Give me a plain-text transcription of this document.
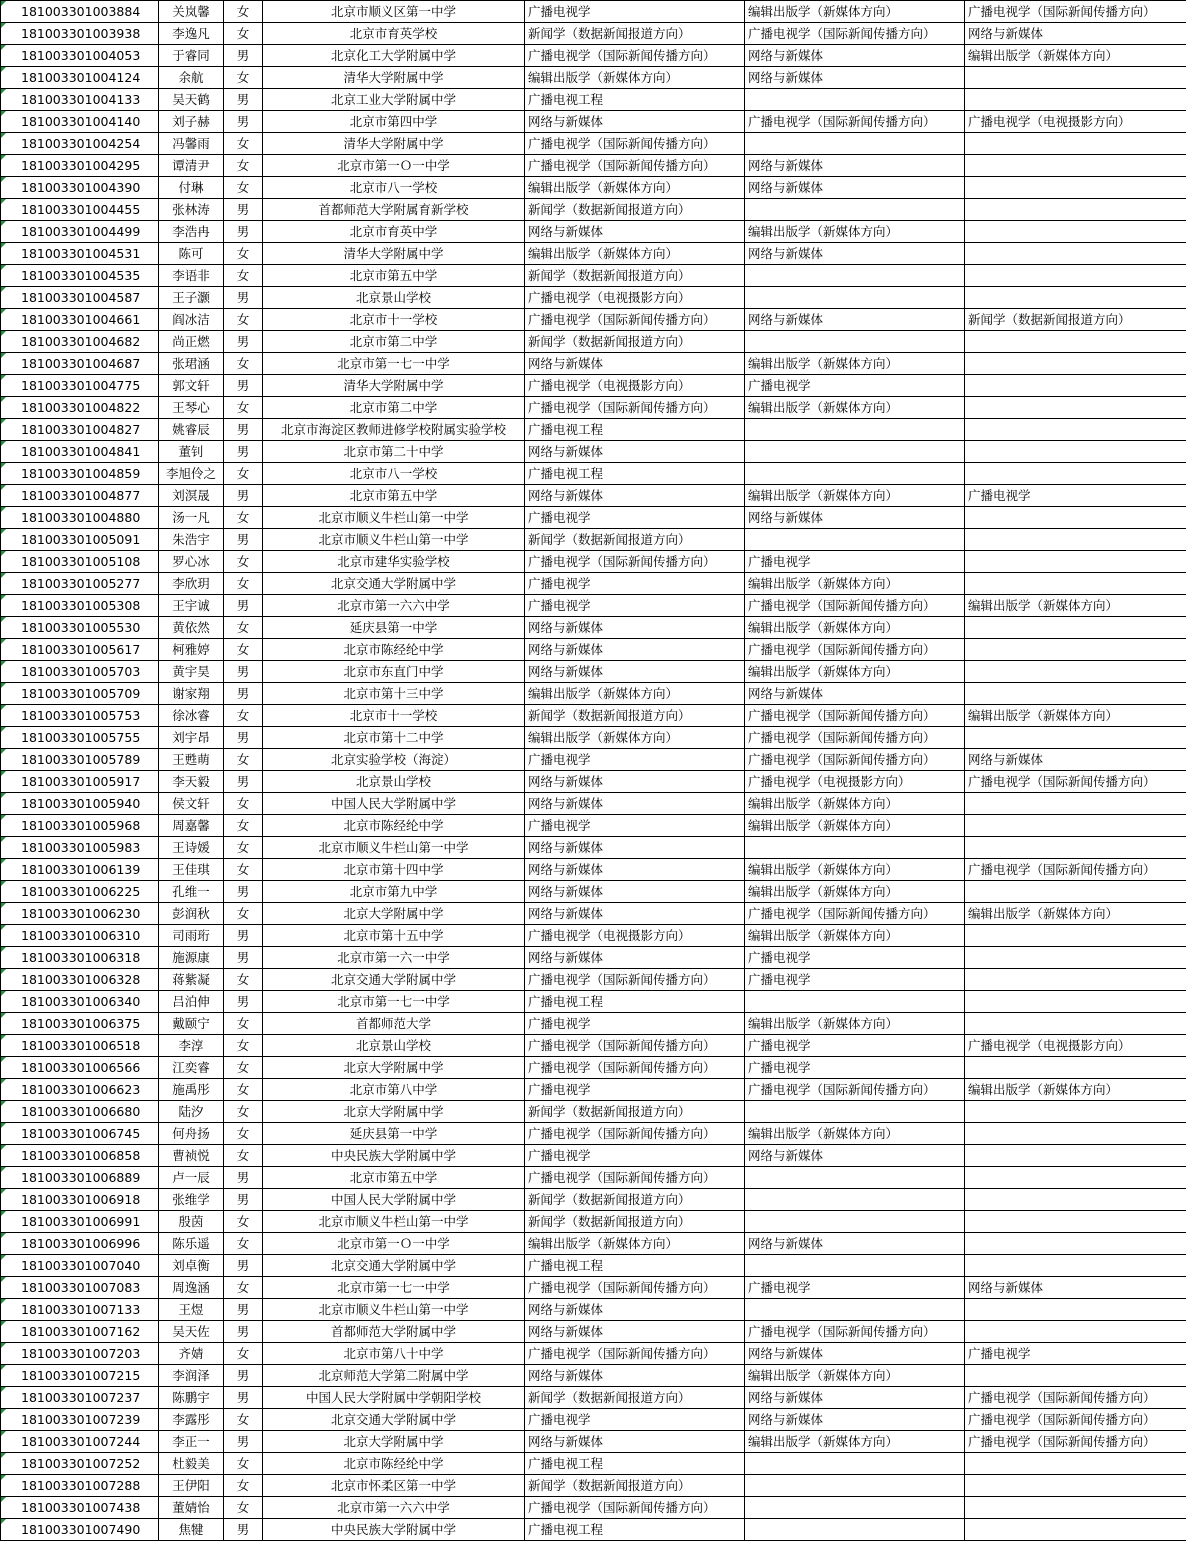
181003301003884	关岚馨	女	北京市顺义区第一中学	广播电视学	编辑出版学（新媒体方向）	广播电视学（国际新闻传播方向）
181003301003938	李逸凡	女	北京市育英学校	新闻学（数据新闻报道方向）	广播电视学（国际新闻传播方向）	网络与新媒体
181003301004053	于睿同	男	北京化工大学附属中学	广播电视学（国际新闻传播方向）	网络与新媒体	编辑出版学（新媒体方向）
181003301004124	余航	女	清华大学附属中学	编辑出版学（新媒体方向）	网络与新媒体	
181003301004133	吴天鹤	男	北京工业大学附属中学	广播电视工程		
181003301004140	刘子赫	男	北京市第四中学	网络与新媒体	广播电视学（国际新闻传播方向）	广播电视学（电视摄影方向）
181003301004254	冯馨雨	女	清华大学附属中学	广播电视学（国际新闻传播方向）		
181003301004295	谭清尹	女	北京市第一Ｏ一中学	广播电视学（国际新闻传播方向）	网络与新媒体	
181003301004390	付琳	女	北京市八一学校	编辑出版学（新媒体方向）	网络与新媒体	
181003301004455	张林涛	男	首都师范大学附属育新学校	新闻学（数据新闻报道方向）		
181003301004499	李浩冉	男	北京市育英中学	网络与新媒体	编辑出版学（新媒体方向）	
181003301004531	陈可	女	清华大学附属中学	编辑出版学（新媒体方向）	网络与新媒体	
181003301004535	李语非	女	北京市第五中学	新闻学（数据新闻报道方向）		
181003301004587	王子灏	男	北京景山学校	广播电视学（电视摄影方向）		
181003301004661	阎冰洁	女	北京市十一学校	广播电视学（国际新闻传播方向）	网络与新媒体	新闻学（数据新闻报道方向）
181003301004682	尚正燃	男	北京市第二中学	新闻学（数据新闻报道方向）		
181003301004687	张珺涵	女	北京市第一七一中学	网络与新媒体	编辑出版学（新媒体方向）	
181003301004775	郭文轩	男	清华大学附属中学	广播电视学（电视摄影方向）	广播电视学	
181003301004822	王琴心	女	北京市第二中学	广播电视学（国际新闻传播方向）	编辑出版学（新媒体方向）	
181003301004827	姚睿辰	男	北京市海淀区教师进修学校附属实验学校	广播电视工程		
181003301004841	董钊	男	北京市第二十中学	网络与新媒体		
181003301004859	李旭伶之	女	北京市八一学校	广播电视工程		
181003301004877	刘溟晟	男	北京市第五中学	网络与新媒体	编辑出版学（新媒体方向）	广播电视学
181003301004880	汤一凡	女	北京市顺义牛栏山第一中学	广播电视学	网络与新媒体	
181003301005091	朱浩宇	男	北京市顺义牛栏山第一中学	新闻学（数据新闻报道方向）		
181003301005108	罗心冰	女	北京市建华实验学校	广播电视学（国际新闻传播方向）	广播电视学	
181003301005277	李欣玥	女	北京交通大学附属中学	广播电视学	编辑出版学（新媒体方向）	
181003301005308	王宇诚	男	北京市第一六六中学	广播电视学	广播电视学（国际新闻传播方向）	编辑出版学（新媒体方向）
181003301005530	黄依然	女	延庆县第一中学	网络与新媒体	编辑出版学（新媒体方向）	
181003301005617	柯雅婷	女	北京市陈经纶中学	网络与新媒体	广播电视学（国际新闻传播方向）	
181003301005703	黄宇昊	男	北京市东直门中学	网络与新媒体	编辑出版学（新媒体方向）	
181003301005709	谢家翔	男	北京市第十三中学	编辑出版学（新媒体方向）	网络与新媒体	
181003301005753	徐冰睿	女	北京市十一学校	新闻学（数据新闻报道方向）	广播电视学（国际新闻传播方向）	编辑出版学（新媒体方向）
181003301005755	刘宇昂	男	北京市第十二中学	编辑出版学（新媒体方向）	广播电视学（国际新闻传播方向）	
181003301005789	王甦萌	女	北京实验学校（海淀）	广播电视学	广播电视学（国际新闻传播方向）	网络与新媒体
181003301005917	李天毅	男	北京景山学校	网络与新媒体	广播电视学（电视摄影方向）	广播电视学（国际新闻传播方向）
181003301005940	侯文轩	女	中国人民大学附属中学	网络与新媒体	编辑出版学（新媒体方向）	
181003301005968	周嘉馨	女	北京市陈经纶中学	广播电视学	编辑出版学（新媒体方向）	
181003301005983	王诗媛	女	北京市顺义牛栏山第一中学	网络与新媒体		
181003301006139	王佳琪	女	北京市第十四中学	网络与新媒体	编辑出版学（新媒体方向）	广播电视学（国际新闻传播方向）
181003301006225	孔维一	男	北京市第九中学	网络与新媒体	编辑出版学（新媒体方向）	
181003301006230	彭润秋	女	北京大学附属中学	网络与新媒体	广播电视学（国际新闻传播方向）	编辑出版学（新媒体方向）
181003301006310	司雨珩	男	北京市第十五中学	广播电视学（电视摄影方向）	编辑出版学（新媒体方向）	
181003301006318	施源康	男	北京市第一六一中学	网络与新媒体	广播电视学	
181003301006328	蒋紫凝	女	北京交通大学附属中学	广播电视学（国际新闻传播方向）	广播电视学	
181003301006340	吕泊伸	男	北京市第一七一中学	广播电视工程		
181003301006375	戴颐宁	女	首都师范大学	广播电视学	编辑出版学（新媒体方向）	
181003301006518	李淳	女	北京景山学校	广播电视学（国际新闻传播方向）	广播电视学	广播电视学（电视摄影方向）
181003301006566	江奕睿	女	北京大学附属中学	广播电视学（国际新闻传播方向）	广播电视学	
181003301006623	施禹彤	女	北京市第八中学	广播电视学	广播电视学（国际新闻传播方向）	编辑出版学（新媒体方向）
181003301006680	陆汐	女	北京大学附属中学	新闻学（数据新闻报道方向）		
181003301006745	何舟扬	女	延庆县第一中学	广播电视学（国际新闻传播方向）	编辑出版学（新媒体方向）	
181003301006858	曹祯悦	女	中央民族大学附属中学	广播电视学	网络与新媒体	
181003301006889	卢一辰	男	北京市第五中学	广播电视学（国际新闻传播方向）		
181003301006918	张维学	男	中国人民大学附属中学	新闻学（数据新闻报道方向）		
181003301006991	殷茵	女	北京市顺义牛栏山第一中学	新闻学（数据新闻报道方向）		
181003301006996	陈乐遥	女	北京市第一Ｏ一中学	编辑出版学（新媒体方向）	网络与新媒体	
181003301007040	刘卓衡	男	北京交通大学附属中学	广播电视工程		
181003301007083	周逸涵	女	北京市第一七一中学	广播电视学（国际新闻传播方向）	广播电视学	网络与新媒体
181003301007133	王煜	男	北京市顺义牛栏山第一中学	网络与新媒体		
181003301007162	吴天佐	男	首都师范大学附属中学	网络与新媒体	广播电视学（国际新闻传播方向）	
181003301007203	齐婧	女	北京市第八十中学	广播电视学（国际新闻传播方向）	网络与新媒体	广播电视学
181003301007215	李润泽	男	北京师范大学第二附属中学	网络与新媒体	编辑出版学（新媒体方向）	
181003301007237	陈鹏宇	男	中国人民大学附属中学朝阳学校	新闻学（数据新闻报道方向）	网络与新媒体	广播电视学（国际新闻传播方向）
181003301007239	李露彤	女	北京交通大学附属中学	广播电视学	网络与新媒体	广播电视学（国际新闻传播方向）
181003301007244	李正一	男	北京大学附属中学	网络与新媒体	编辑出版学（新媒体方向）	广播电视学（国际新闻传播方向）
181003301007252	杜毅美	女	北京市陈经纶中学	广播电视工程		
181003301007288	王伊阳	女	北京市怀柔区第一中学	新闻学（数据新闻报道方向）		
181003301007438	董婧怡	女	北京市第一六六中学	广播电视学（国际新闻传播方向）		
181003301007490	焦犍	男	中央民族大学附属中学	广播电视工程		
